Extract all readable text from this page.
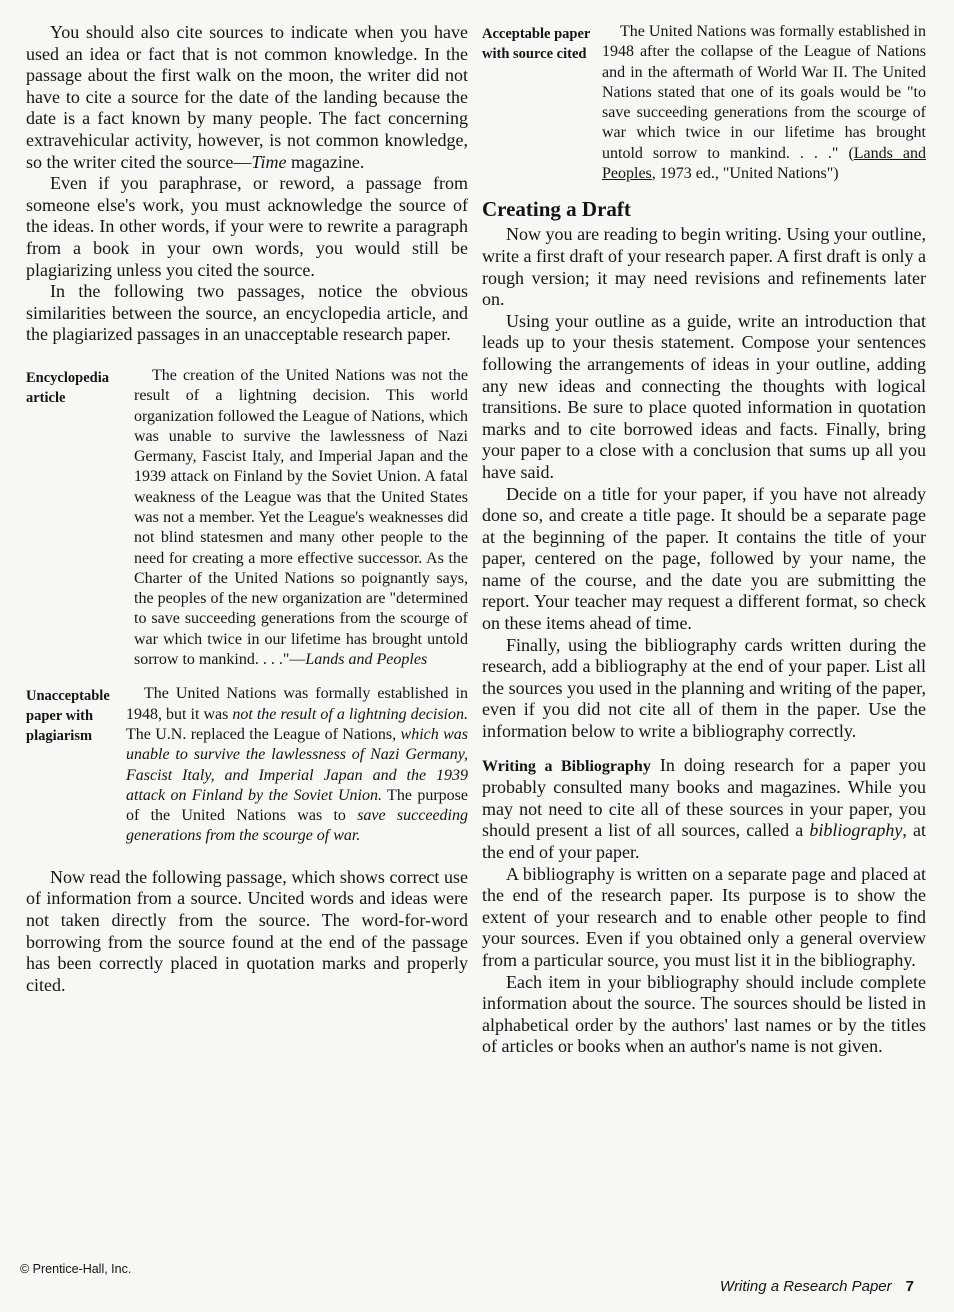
You should also cite sources to indicate when you have used an idea or fact that is not common knowledge. In the passage about the first walk on the moon, the writer did not have to cite a source for the date of the landing because the date is a fact known by many people. The fact concerning extravehicular activity, however, is not common knowledge, so the writer cited the source—Time magazine.

Even if you paraphrase, or reword, a passage from someone else's work, you must acknowledge the source of the ideas. In other words, if your were to rewrite a paragraph from a book in your own words, you would still be plagiarizing unless you cited the source.

In the following two passages, notice the obvious similarities between the source, an encyclopedia article, and the plagiarized passages in an unacceptable research paper.

Encyclopedia article

The creation of the United Nations was not the result of a lightning decision. This world organization followed the League of Nations, which was unable to survive the lawlessness of Nazi Germany, Fascist Italy, and Imperial Japan and the 1939 attack on Finland by the Soviet Union. A fatal weakness of the League was that the United States was not a member. Yet the League's weaknesses did not blind statesmen and many other people to the need for creating a more effective successor. As the Charter of the United Nations so poignantly says, the peoples of the new organization are "determined to save succeeding generations from the scourge of war which twice in our lifetime has brought untold sorrow to mankind. . . ."—Lands and Peoples

Unacceptable paper with plagiarism

The United Nations was formally established in 1948, but it was not the result of a lightning decision. The U.N. replaced the League of Nations, which was unable to survive the lawlessness of Nazi Germany, Fascist Italy, and Imperial Japan and the 1939 attack on Finland by the Soviet Union. The purpose of the United Nations was to save succeeding generations from the scourge of war.

Now read the following passage, which shows correct use of information from a source. Uncited words and ideas were not taken directly from the source. The word-for-word borrowing from the source found at the end of the passage has been correctly placed in quotation marks and properly cited.

Acceptable paper with source cited

The United Nations was formally established in 1948 after the collapse of the League of Nations and in the aftermath of World War II. The United Nations stated that one of its goals would be "to save succeeding generations from the scourge of war which twice in our lifetime has brought untold sorrow to mankind. . . ." (Lands and Peoples, 1973 ed., "United Nations")

Creating a Draft

Now you are reading to begin writing. Using your outline, write a first draft of your research paper. A first draft is only a rough version; it may need revisions and refinements later on.

Using your outline as a guide, write an introduction that leads up to your thesis statement. Compose your sentences following the arrangements of ideas in your outline, adding any new ideas and connecting the thoughts with logical transitions. Be sure to place quoted information in quotation marks and to cite borrowed ideas and facts. Finally, bring your paper to a close with a conclusion that sums up all you have said.

Decide on a title for your paper, if you have not already done so, and create a title page. It should be a separate page at the beginning of the paper. It contains the title of your paper, centered on the page, followed by your name, the name of the course, and the date you are submitting the report. Your teacher may request a different format, so check on these items ahead of time.

Finally, using the bibliography cards written during the research, add a bibliography at the end of your paper. List all the sources you used in the planning and writing of the paper, even if you did not cite all of them in the paper. Use the information below to write a bibliography correctly.

Writing a Bibliography In doing research for a paper you probably consulted many books and magazines. While you may not need to cite all of these sources in your paper, you should present a list of all sources, called a bibliography, at the end of your paper.

A bibliography is written on a separate page and placed at the end of the research paper. Its purpose is to show the extent of your research and to enable other people to find your sources. Even if you obtained only a general overview from a particular source, you must list it in the bibliography.

Each item in your bibliography should include complete information about the source. The sources should be listed in alphabetical order by the authors' last names or by the titles of articles or books when an author's name is not given.

© Prentice-Hall, Inc.
Writing a Research Paper 7
